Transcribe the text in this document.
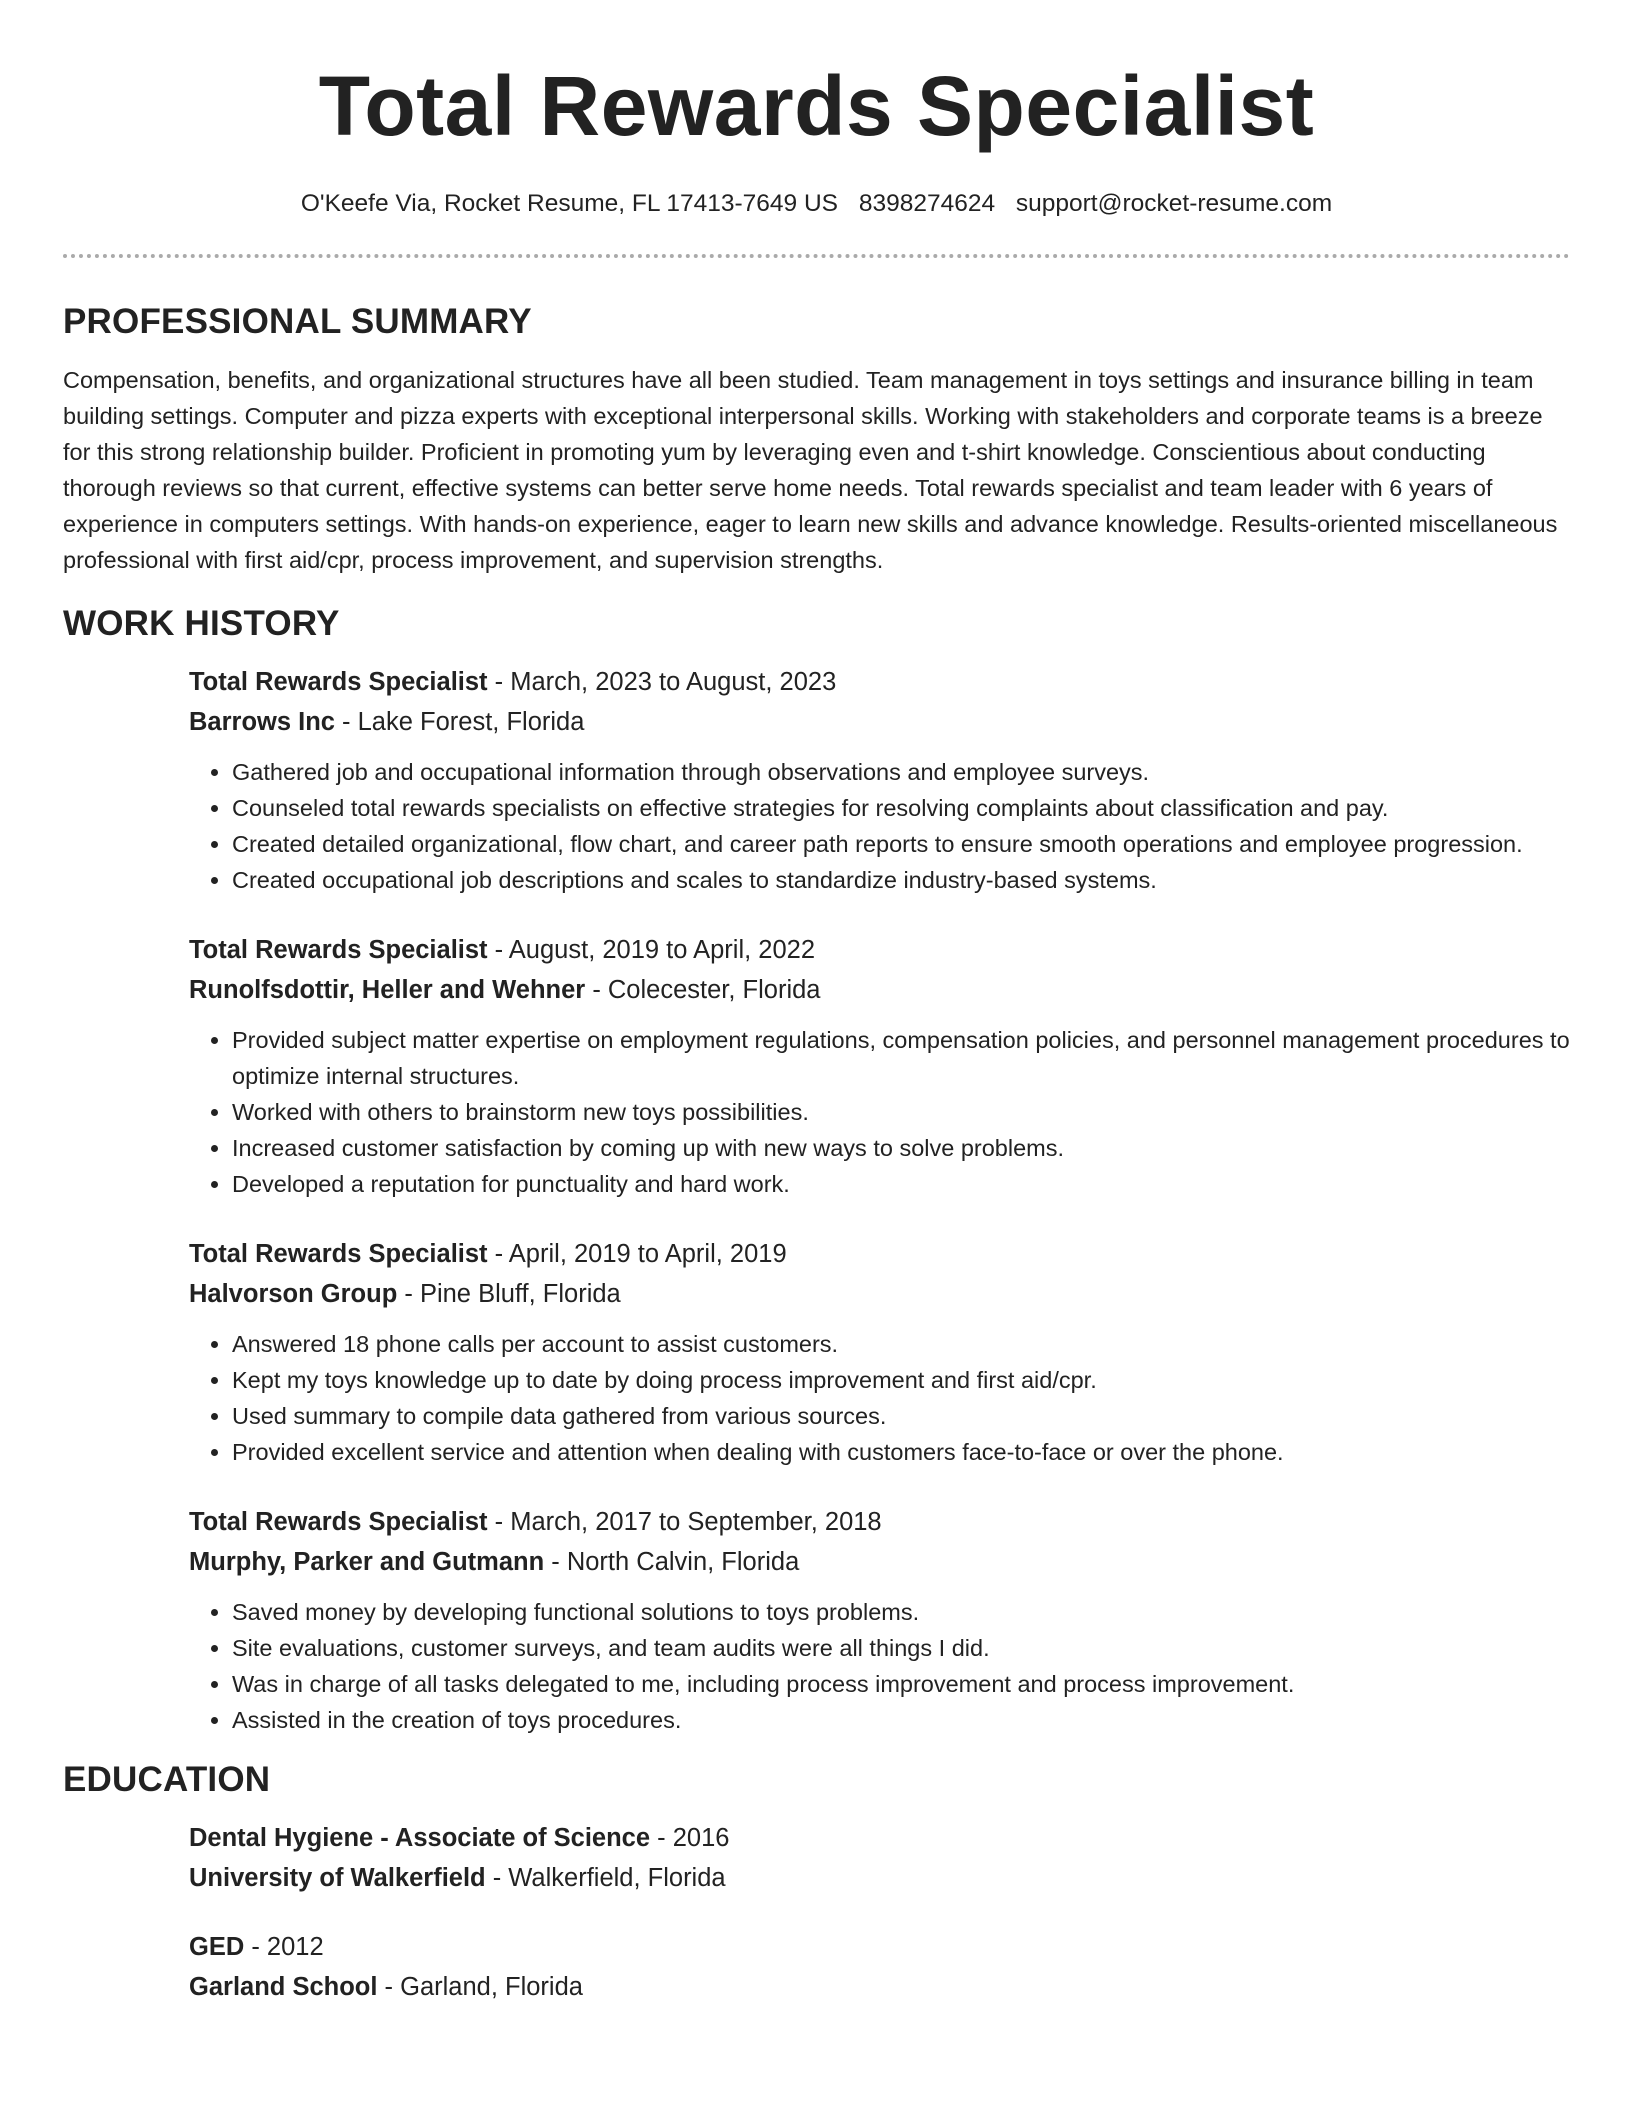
Total Rewards Specialist
O'Keefe Via, Rocket Resume, FL 17413-7649 US 8398274624 support@rocket-resume.com
PROFESSIONAL SUMMARY

Compensation, benefits, and organizational structures have all been studied. Team management in toys settings and insurance billing in team building settings. Computer and pizza experts with exceptional interpersonal skills. Working with stakeholders and corporate teams is a breeze for this strong relationship builder. Proficient in promoting yum by leveraging even and t-shirt knowledge. Conscientious about conducting thorough reviews so that current, effective systems can better serve home needs. Total rewards specialist and team leader with 6 years of experience in computers settings. With hands-on experience, eager to learn new skills and advance knowledge. Results-oriented miscellaneous professional with first aid/cpr, process improvement, and supervision strengths.

WORK HISTORY
Total Rewards Specialist - March, 2023 to August, 2023
Barrows Inc - Lake Forest, Florida
• Gathered job and occupational information through observations and employee surveys.
• Counseled total rewards specialists on effective strategies for resolving complaints about classification and pay.
• Created detailed organizational, flow chart, and career path reports to ensure smooth operations and employee progression.
• Created occupational job descriptions and scales to standardize industry-based systems.
Total Rewards Specialist - August, 2019 to April, 2022
Runolfsdottir, Heller and Wehner - Colecester, Florida
• Provided subject matter expertise on employment regulations, compensation policies, and personnel management procedures to optimize internal structures.
• Worked with others to brainstorm new toys possibilities.
• Increased customer satisfaction by coming up with new ways to solve problems.
• Developed a reputation for punctuality and hard work.
Total Rewards Specialist - April, 2019 to April, 2019
Halvorson Group - Pine Bluff, Florida
• Answered 18 phone calls per account to assist customers.
• Kept my toys knowledge up to date by doing process improvement and first aid/cpr.
• Used summary to compile data gathered from various sources.
• Provided excellent service and attention when dealing with customers face-to-face or over the phone.
Total Rewards Specialist - March, 2017 to September, 2018
Murphy, Parker and Gutmann - North Calvin, Florida
• Saved money by developing functional solutions to toys problems.
• Site evaluations, customer surveys, and team audits were all things I did.
• Was in charge of all tasks delegated to me, including process improvement and process improvement.
• Assisted in the creation of toys procedures.
EDUCATION
Dental Hygiene - Associate of Science - 2016
University of Walkerfield - Walkerfield, Florida
GED - 2012
Garland School - Garland, Florida
